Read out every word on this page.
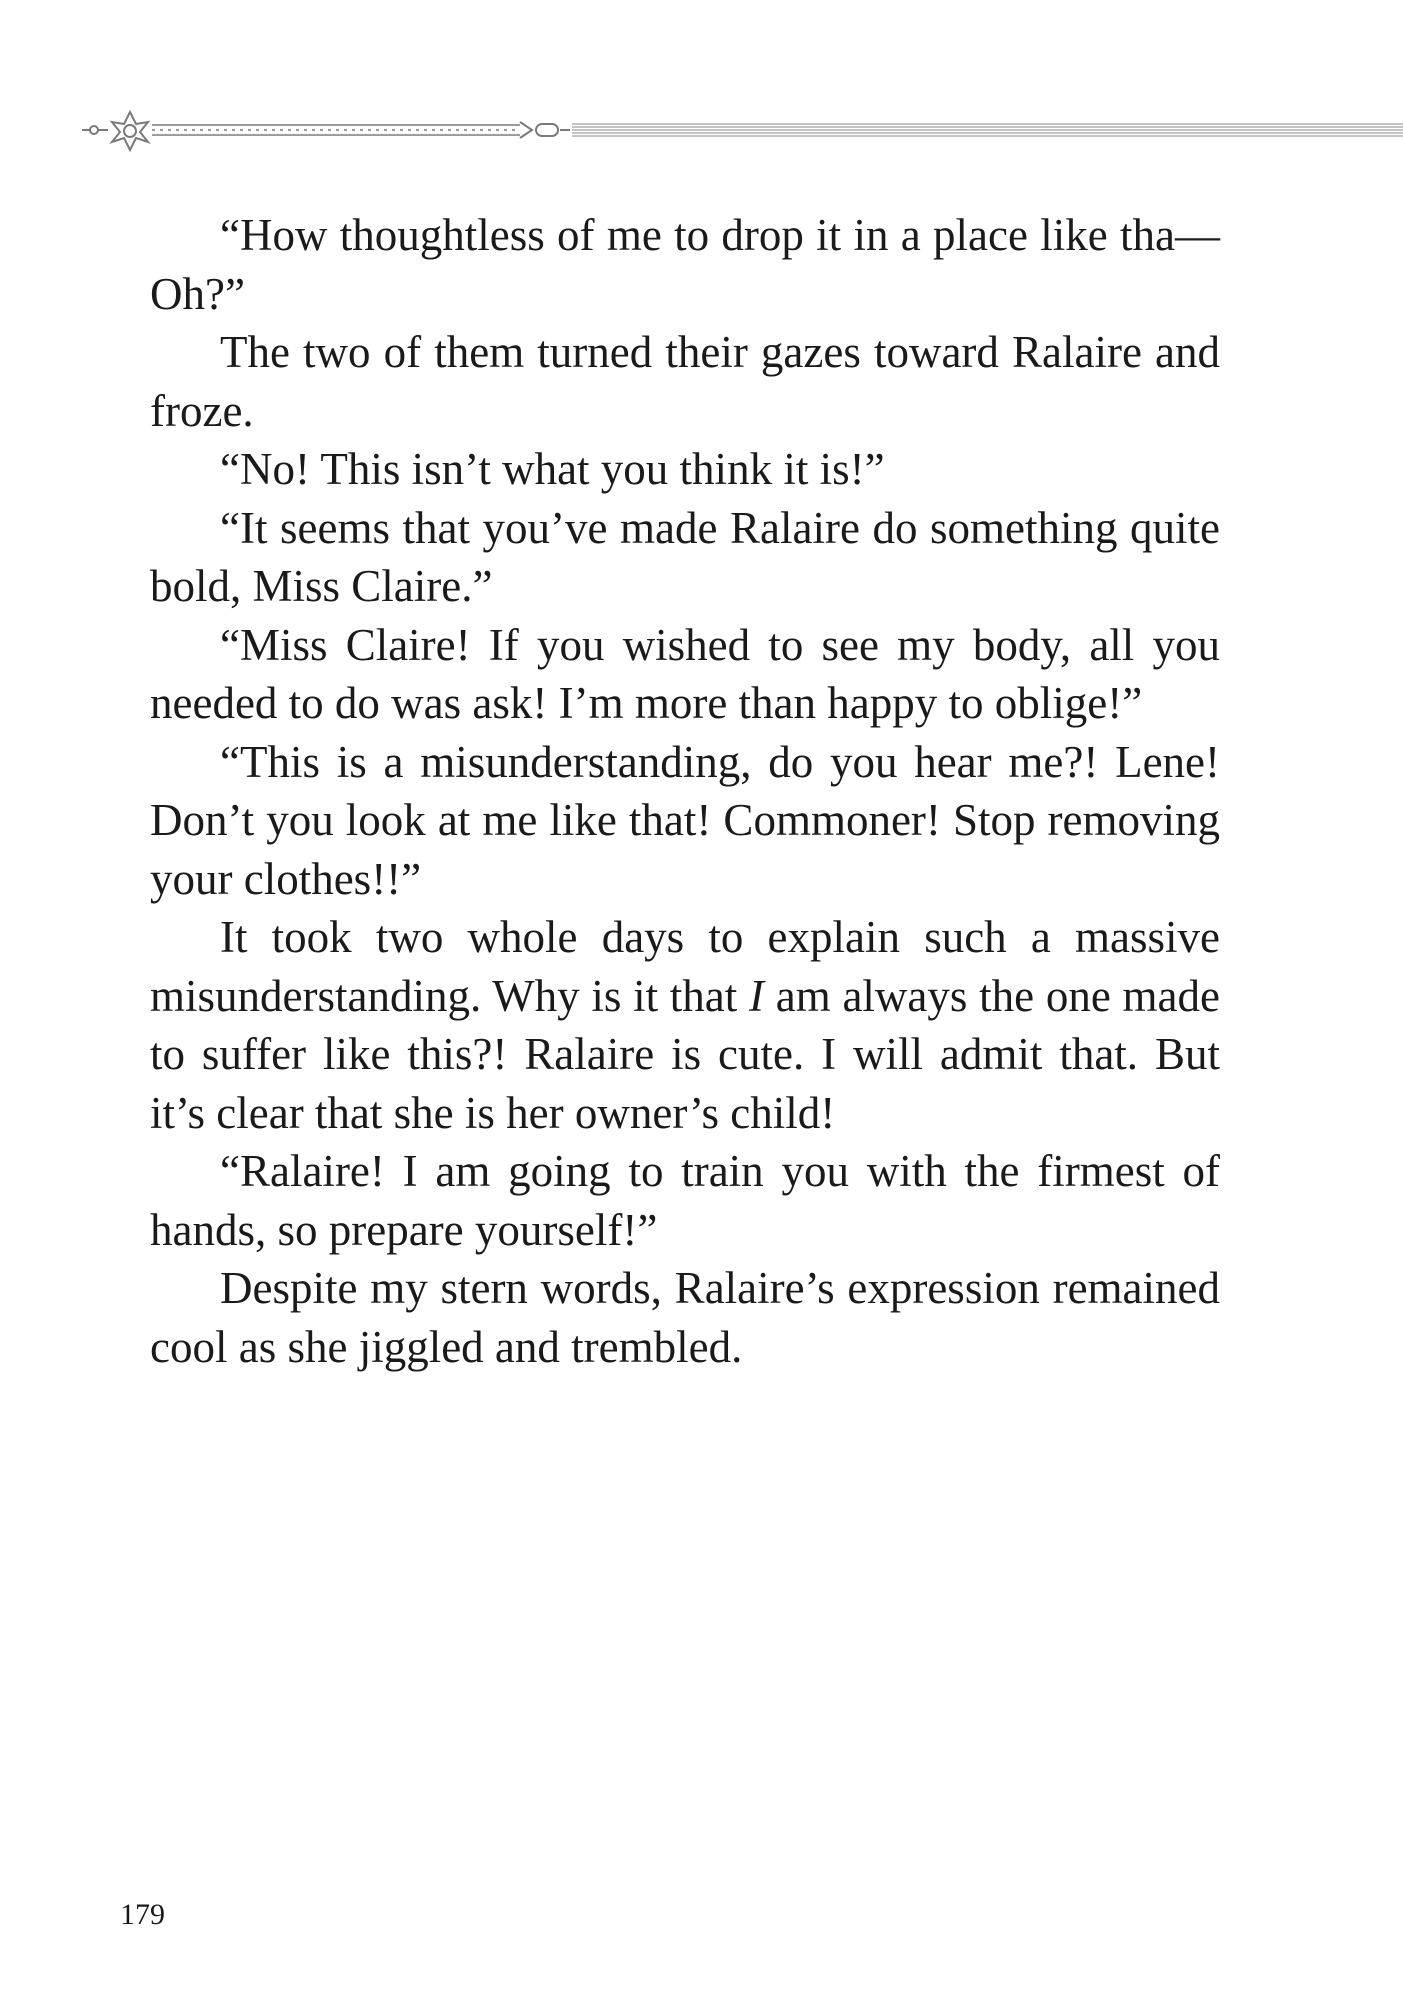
“How thoughtless of me to drop it in a place like tha—Oh?”

The two of them turned their gazes toward Ralaire and froze.

“No! This isn’t what you think it is!”

“It seems that you’ve made Ralaire do something quite bold, Miss Claire.”

“Miss Claire! If you wished to see my body, all you needed to do was ask! I’m more than happy to oblige!”

“This is a misunderstanding, do you hear me?! Lene! Don’t you look at me like that! Commoner! Stop removing your clothes!!”

It took two whole days to explain such a massive misunderstanding. Why is it that I am always the one made to suffer like this?! Ralaire is cute. I will admit that. But it’s clear that she is her owner’s child!

“Ralaire! I am going to train you with the firmest of hands, so prepare yourself!”

Despite my stern words, Ralaire’s expression remained cool as she jiggled and trembled.

179
